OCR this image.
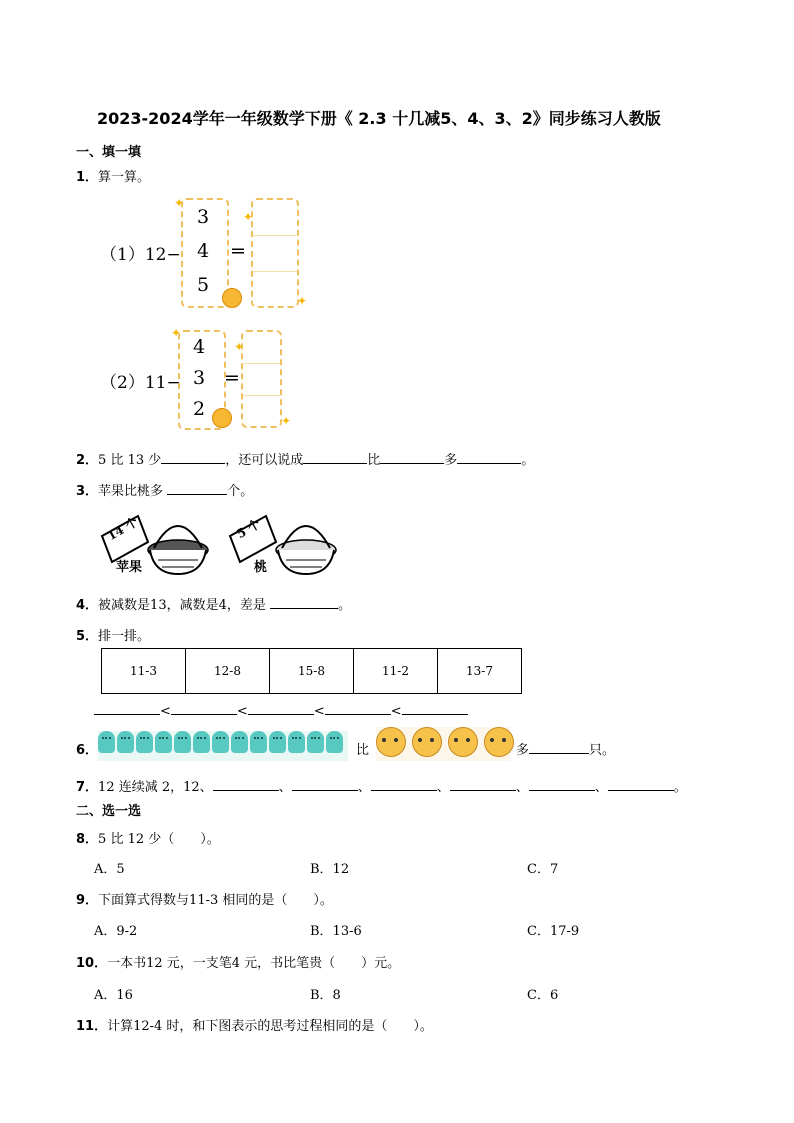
2023-2024学年一年级数学下册《 2.3 十几减5、4、3、2》同步练习人教版
一、填一填
1．算一算。
（1）12−
3
4
5
=
✦
✦
✦
（2）11−
4
3
2
=
✦
✦
✦
2．5 比 13 少	，还可以说成	比	多	。
3．苹果比桃多	个。
14 个
苹果
5 个
桃
4．被减数是13，减数是4，差是	。
5．排一排。
11-3	12-8	15-8	11-2	13-7
<	<	<	<
6．	比	多	只。
7．12 连续减 2，12、	、	、	、	、	、	。
二、选一选
8．5 比 12 少（　　）。
A．5	B．12	C．7
9．下面算式得数与11-3 相同的是（　　）。
A．9-2	B．13-6	C．17-9
10．一本书12 元，一支笔4 元，书比笔贵（　　）元。
A．16	B．8	C．6
11．计算12-4 时，和下图表示的思考过程相同的是（　　）。
